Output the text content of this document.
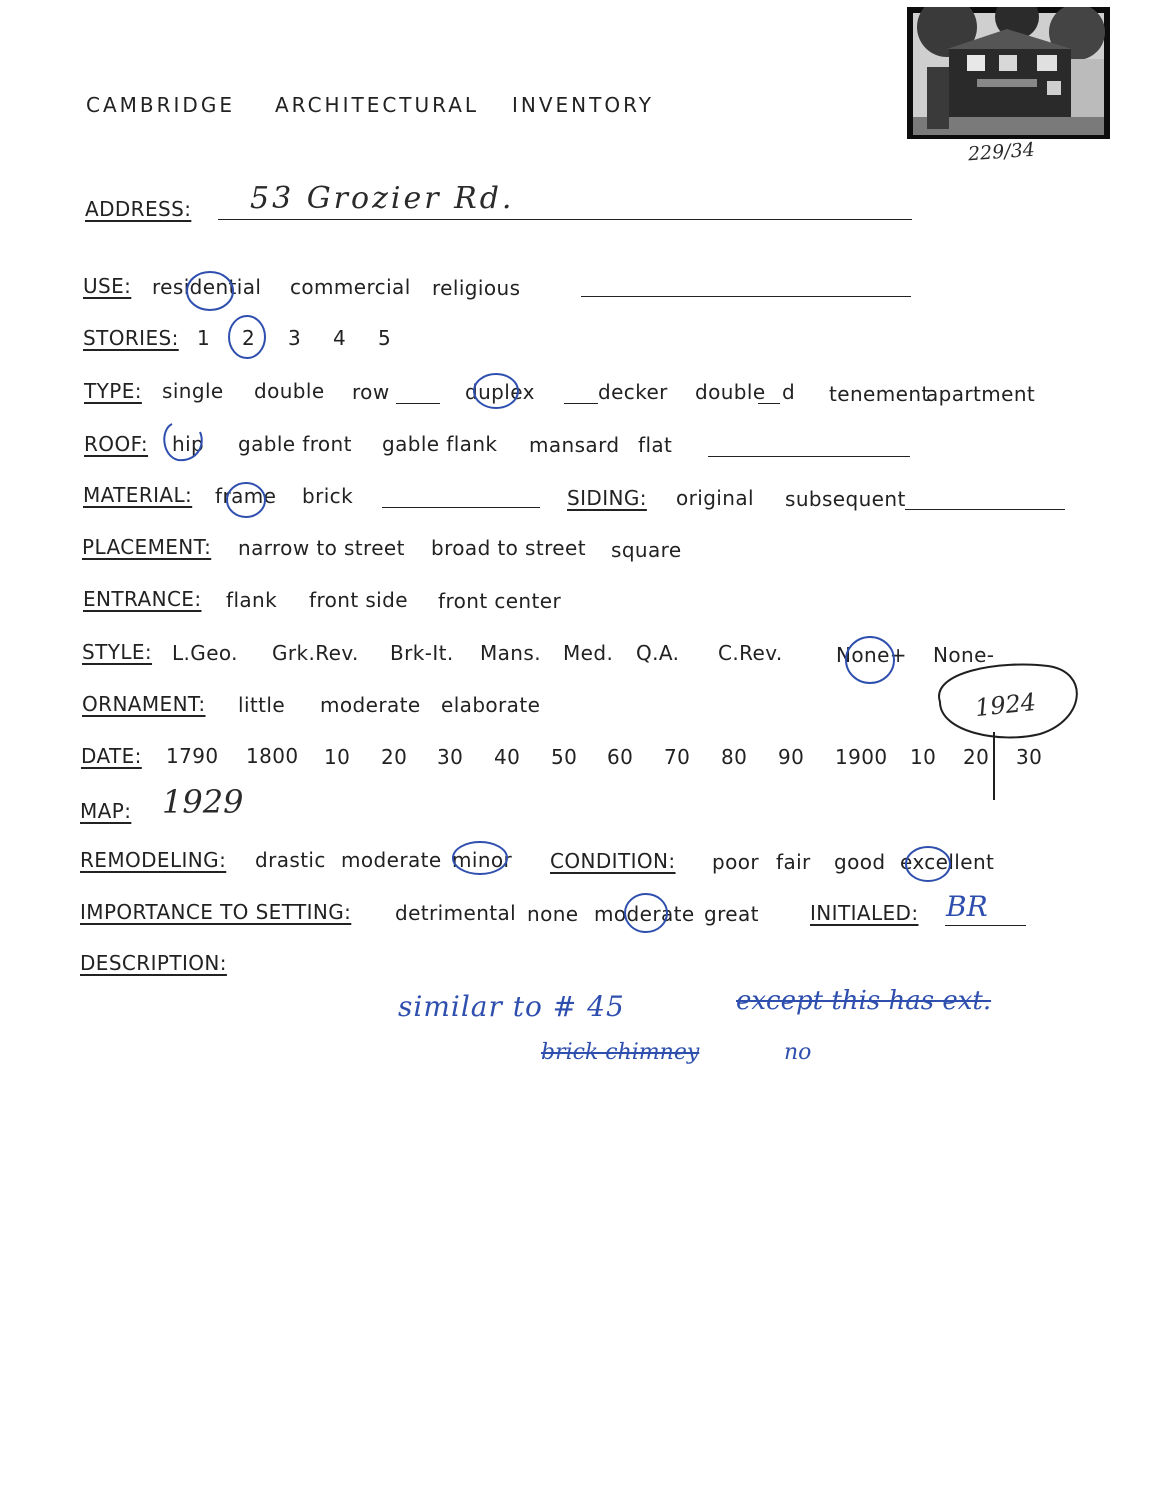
CAMBRIDGE ARCHITECTURAL INVENTORY
229/34
ADDRESS: 53 Grozier Rd.
USE: residential commercial religious
STORIES: 1 2 3 4 5
TYPE: single double row	duplex	decker double d tenement
apartment
ROOF: hip gable front gable flank mansard flat
MATERIAL: frame brick	SIDING: original subsequent
PLACEMENT: narrow to street broad to street square
ENTRANCE: flank front side front center
STYLE: L.Geo. Grk.Rev. Brk-It. Mans. Med. Q.A. C.Rev.	None+ None-
ORNAMENT: little moderate elaborate
DATE: 1790 1800 10 20 30 40 50 60 70 80 90 1900 10 20 30
1924
MAP: 1929
REMODELING: drastic moderate minor CONDITION: poor fair good excellent
IMPORTANCE TO SETTING: detrimental none moderate great	INITIALED: BR
DESCRIPTION:
similar to # 45	except this has ext.
brick chimney	no
